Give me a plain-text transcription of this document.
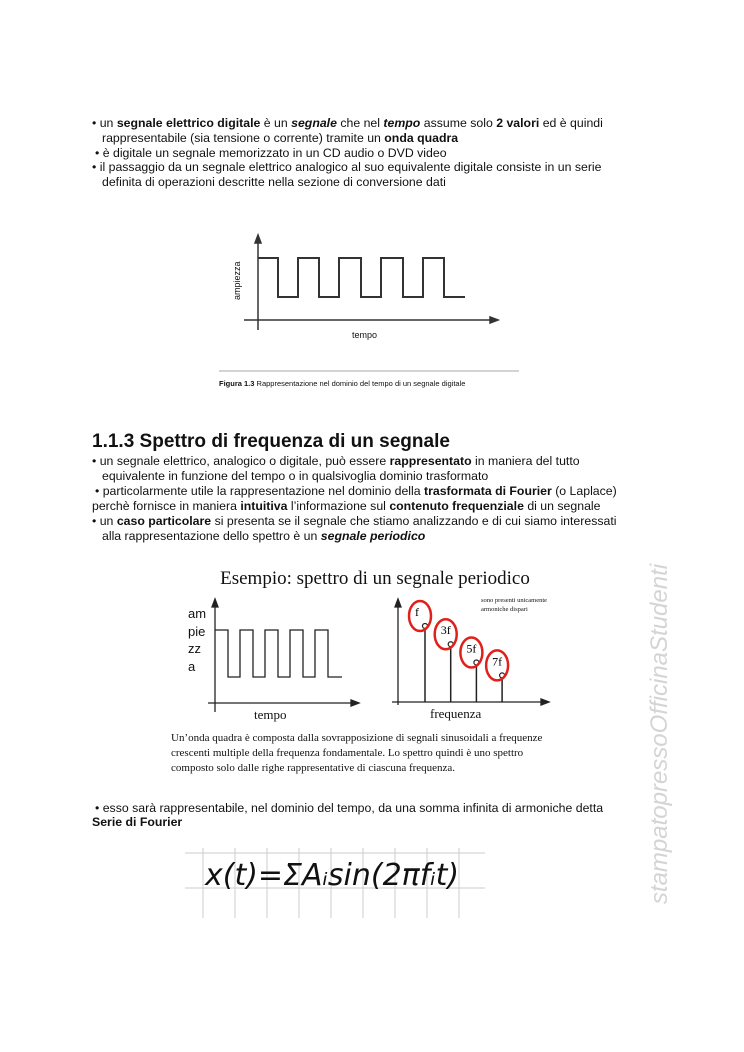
• un segnale elettrico digitale è un segnale che nel tempo assume solo 2 valori ed è quindi
rappresentabile (sia tensione o corrente) tramite un onda quadra
• è digitale un segnale memorizzato in un CD audio o DVD video
• il passaggio da un segnale elettrico analogico al suo equivalente digitale consiste in un serie
definita di operazioni descritte nella sezione di conversione dati
ampiezza
tempo
Figura 1.3 Rappresentazione nel dominio del tempo di un segnale digitale
1.1.3 Spettro di frequenza di un segnale
• un segnale elettrico, analogico o digitale, può essere rappresentato in maniera del tutto
equivalente in funzione del tempo o in qualsivoglia dominio trasformato
• particolarmente utile la rappresentazione nel dominio della trasformata di Fourier (o Laplace)
perchè fornisce in maniera intuitiva l’informazione sul contenuto frequenziale di un segnale
• un caso particolare si presenta se il segnale che stiamo analizzando e di cui siamo interessati
alla rappresentazione dello spettro è un segnale periodico
Esempio: spettro di un segnale periodico
f
3f
5f
7f
am
pie
zz
a
tempo	frequenza
sono presenti unicamente
armoniche dispari
Un’onda quadra è composta dalla sovrapposizione di segnali sinusoidali a frequenze
crescenti multiple della frequenza fondamentale. Lo spettro quindi è uno spettro
composto solo dalle righe rappresentative di ciascuna frequenza.
• esso sarà rappresentabile, nel dominio del tempo, da una somma infinita di armoniche detta
Serie di Fourier
x(t)=ΣAᵢsin(2πfᵢt)	stampatopressoOfficinaStudenti
